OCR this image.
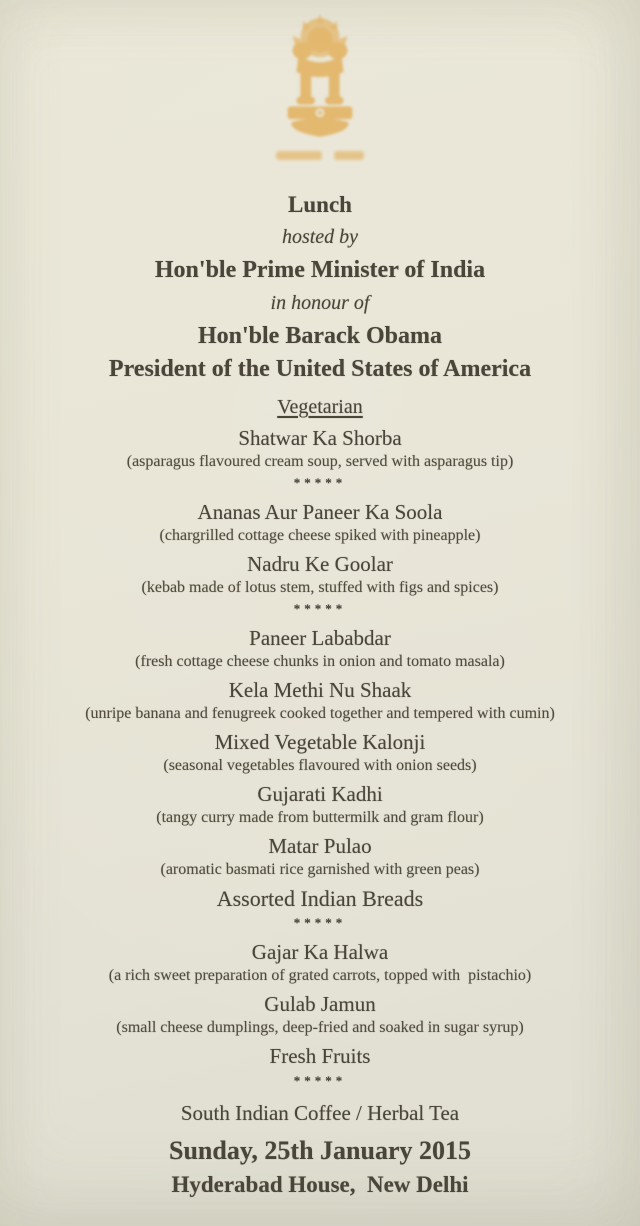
Lunch
hosted by
Hon'ble Prime Minister of India
in honour of
Hon'ble Barack Obama
President of the United States of America
Vegetarian
Shatwar Ka Shorba
(asparagus flavoured cream soup, served with asparagus tip)
*****
Ananas Aur Paneer Ka Soola
(chargrilled cottage cheese spiked with pineapple)
Nadru Ke Goolar
(kebab made of lotus stem, stuffed with figs and spices)
*****
Paneer Lababdar
(fresh cottage cheese chunks in onion and tomato masala)
Kela Methi Nu Shaak
(unripe banana and fenugreek cooked together and tempered with cumin)
Mixed Vegetable Kalonji
(seasonal vegetables flavoured with onion seeds)
Gujarati Kadhi
(tangy curry made from buttermilk and gram flour)
Matar Pulao
(aromatic basmati rice garnished with green peas)
Assorted Indian Breads
*****
Gajar Ka Halwa
(a rich sweet preparation of grated carrots, topped with  pistachio)
Gulab Jamun
(small cheese dumplings, deep-fried and soaked in sugar syrup)
Fresh Fruits
*****
South Indian Coffee / Herbal Tea
Sunday, 25th January 2015
Hyderabad House,  New Delhi
